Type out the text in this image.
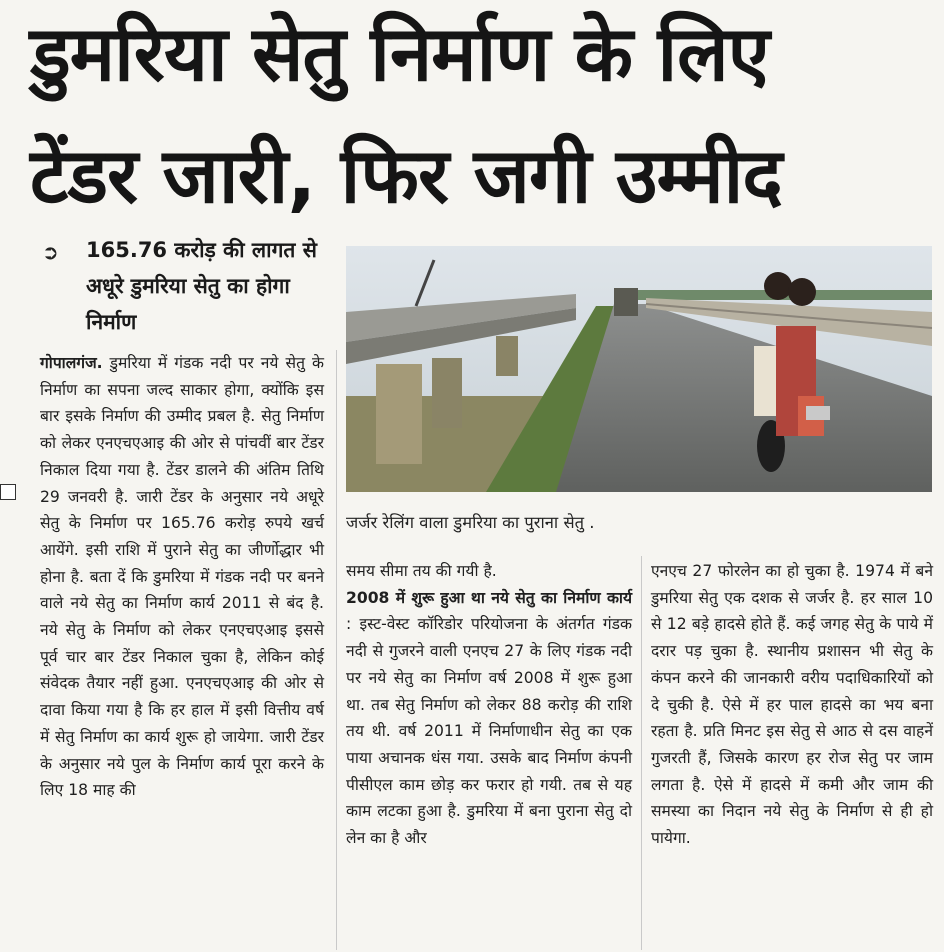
डुमरिया सेतु निर्माण के लिए
टेंडर जारी, फिर जगी उम्मीद
➲ 165.76 करोड़ की लागत से अधूरे डुमरिया सेतु का होगा निर्माण
जर्जर रेलिंग वाला डुमरिया का पुराना सेतु .

गोपालगंज. डुमरिया में गंडक नदी पर नये सेतु के निर्माण का सपना जल्द साकार होगा, क्योंकि इस बार इसके निर्माण की उम्मीद प्रबल है. सेतु निर्माण को लेकर एनएचएआइ की ओर से पांचवीं बार टेंडर निकाल दिया गया है. टेंडर डालने की अंतिम तिथि 29 जनवरी है. जारी टेंडर के अनुसार नये अधूरे सेतु के निर्माण पर 165.76 करोड़ रुपये खर्च आयेंगे. इसी राशि में पुराने सेतु का जीर्णोद्धार भी होना है. बता दें कि डुमरिया में गंडक नदी पर बनने वाले नये सेतु का निर्माण कार्य 2011 से बंद है. नये सेतु के निर्माण को लेकर एनएचएआइ इससे पूर्व चार बार टेंडर निकाल चुका है, लेकिन कोई संवेदक तैयार नहीं हुआ. एनएचएआइ की ओर से दावा किया गया है कि हर हाल में इसी वित्तीय वर्ष में सेतु निर्माण का कार्य शुरू हो जायेगा. जारी टेंडर के अनुसार नये पुल के निर्माण कार्य पूरा करने के लिए 18 माह की

समय सीमा तय की गयी है.

2008 में शुरू हुआ था नये सेतु का निर्माण कार्य : इस्ट-वेस्ट कॉरिडोर परियोजना के अंतर्गत गंडक नदी से गुजरने वाली एनएच 27 के लिए गंडक नदी पर नये सेतु का निर्माण वर्ष 2008 में शुरू हुआ था. तब सेतु निर्माण को लेकर 88 करोड़ की राशि तय थी. वर्ष 2011 में निर्माणाधीन सेतु का एक पाया अचानक धंस गया. उसके बाद निर्माण कंपनी पीसीएल काम छोड़ कर फरार हो गयी. तब से यह काम लटका हुआ है. डुमरिया में बना पुराना सेतु दो लेन का है और

एनएच 27 फोरलेन का हो चुका है. 1974 में बने डुमरिया सेतु एक दशक से जर्जर है. हर साल 10 से 12 बड़े हादसे होते हैं. कई जगह सेतु के पाये में दरार पड़ चुका है. स्थानीय प्रशासन भी सेतु के कंपन करने की जानकारी वरीय पदाधिकारियों को दे चुकी है. ऐसे में हर पाल हादसे का भय बना रहता है. प्रति मिनट इस सेतु से आठ से दस वाहनें गुजरती हैं, जिसके कारण हर रोज सेतु पर जाम लगता है. ऐसे में हादसे में कमी और जाम की समस्या का निदान नये सेतु के निर्माण से ही हो पायेगा.
